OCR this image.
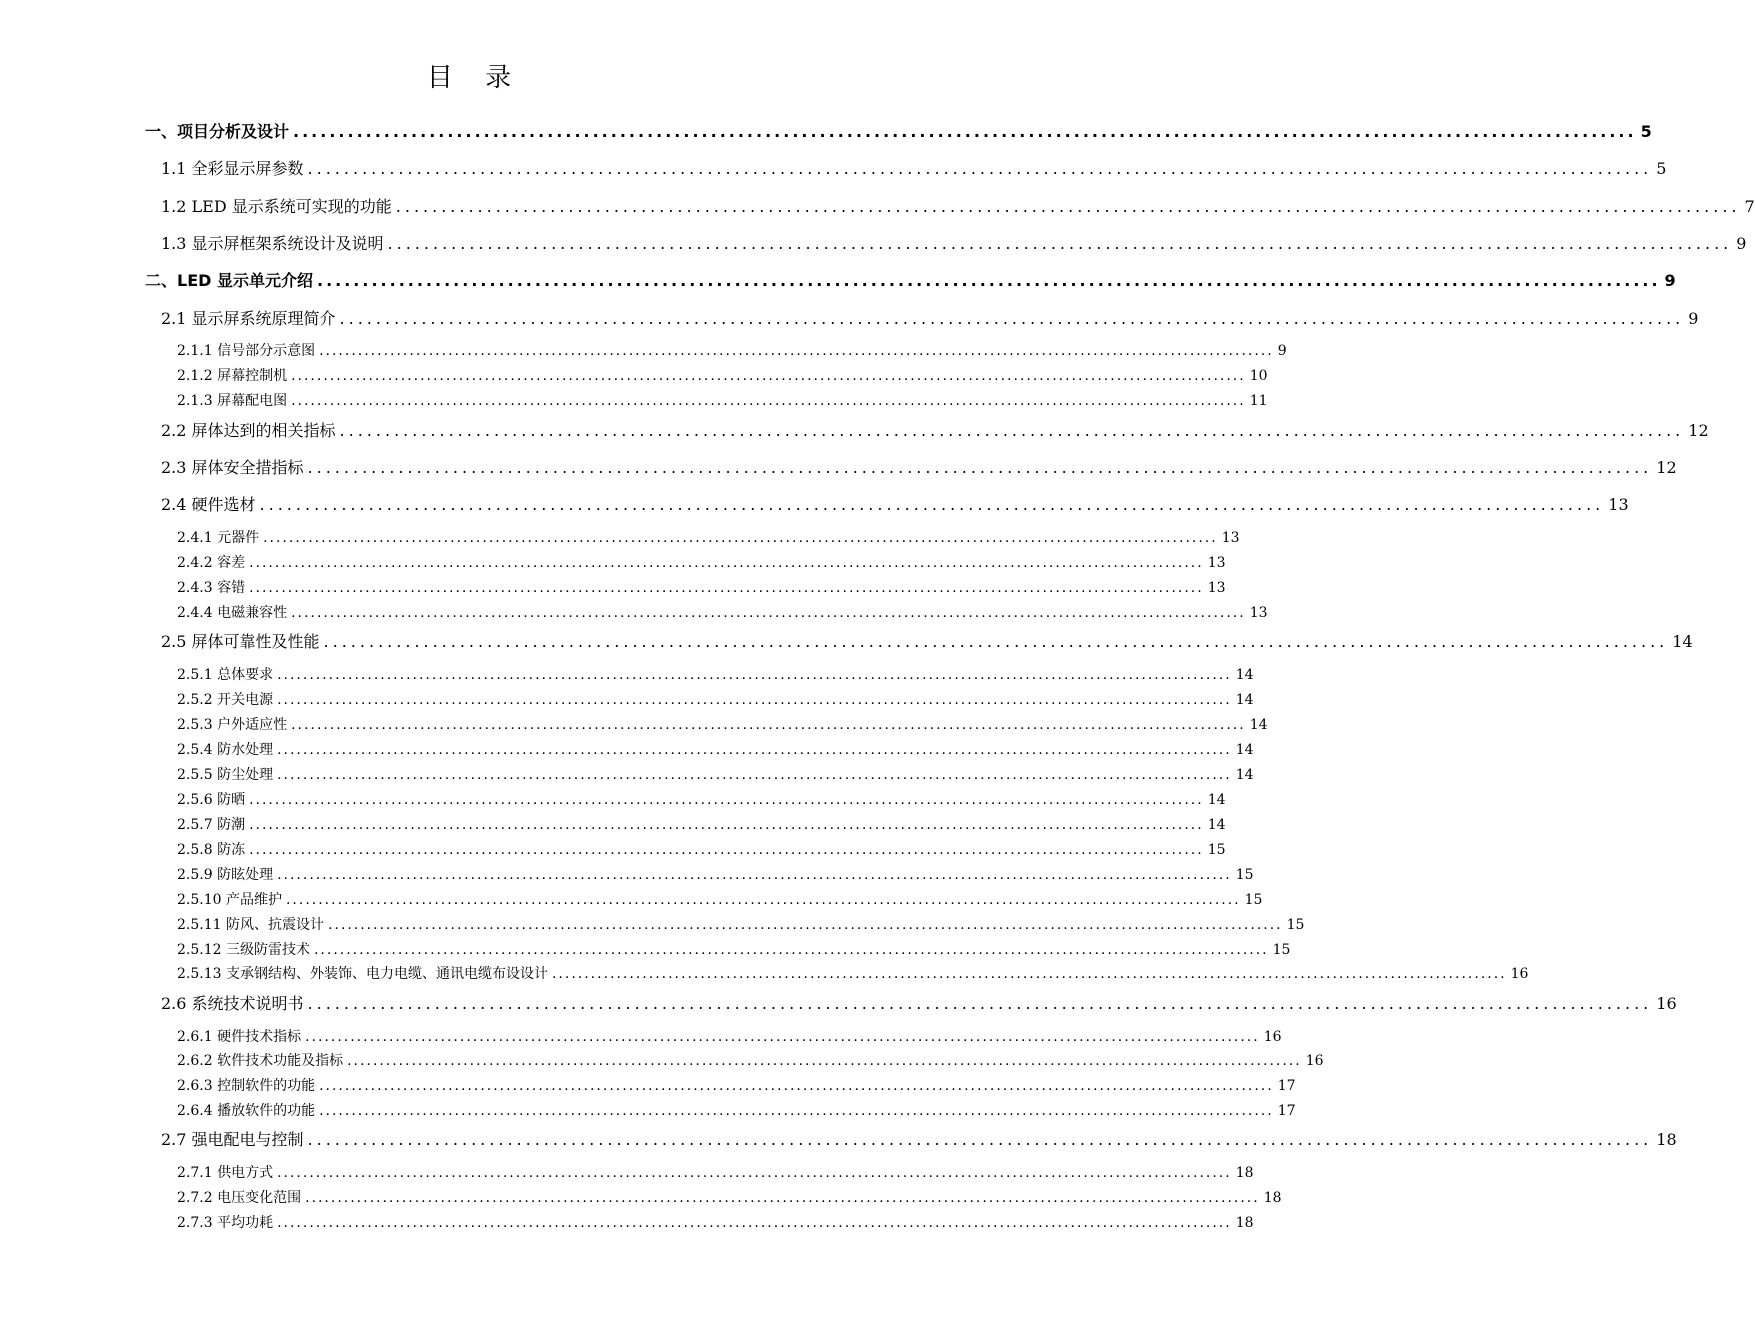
目 录
一、项目分析及设计 .................................................................................................................................................... 5
1.1 全彩显示屏参数 .................................................................................................................................................... 5
1.2 LED 显示系统可实现的功能 .................................................................................................................................................... 7
1.3 显示屏框架系统设计及说明 .................................................................................................................................................... 9
二、LED 显示单元介绍 .................................................................................................................................................... 9
2.1 显示屏系统原理简介 .................................................................................................................................................... 9
2.1.1 信号部分示意图 .................................................................................................................................................... 9
2.1.2 屏幕控制机 .................................................................................................................................................... 10
2.1.3 屏幕配电图 .................................................................................................................................................... 11
2.2 屏体达到的相关指标 .................................................................................................................................................... 12
2.3 屏体安全措指标 .................................................................................................................................................... 12
2.4 硬件选材 .................................................................................................................................................... 13
2.4.1 元器件 .................................................................................................................................................... 13
2.4.2 容差 .................................................................................................................................................... 13
2.4.3 容错 .................................................................................................................................................... 13
2.4.4 电磁兼容性 .................................................................................................................................................... 13
2.5 屏体可靠性及性能 .................................................................................................................................................... 14
2.5.1 总体要求 .................................................................................................................................................... 14
2.5.2 开关电源 .................................................................................................................................................... 14
2.5.3 户外适应性 .................................................................................................................................................... 14
2.5.4 防水处理 .................................................................................................................................................... 14
2.5.5 防尘处理 .................................................................................................................................................... 14
2.5.6 防晒 .................................................................................................................................................... 14
2.5.7 防潮 .................................................................................................................................................... 14
2.5.8 防冻 .................................................................................................................................................... 15
2.5.9 防眩处理 .................................................................................................................................................... 15
2.5.10 产品维护 .................................................................................................................................................... 15
2.5.11 防风、抗震设计 .................................................................................................................................................... 15
2.5.12 三级防雷技术 .................................................................................................................................................... 15
2.5.13 支承钢结构、外装饰、电力电缆、通讯电缆布设设计 .................................................................................................................................................... 16
2.6 系统技术说明书 .................................................................................................................................................... 16
2.6.1 硬件技术指标 .................................................................................................................................................... 16
2.6.2 软件技术功能及指标 .................................................................................................................................................... 16
2.6.3 控制软件的功能 .................................................................................................................................................... 17
2.6.4 播放软件的功能 .................................................................................................................................................... 17
2.7 强电配电与控制 .................................................................................................................................................... 18
2.7.1 供电方式 .................................................................................................................................................... 18
2.7.2 电压变化范围 .................................................................................................................................................... 18
2.7.3 平均功耗 .................................................................................................................................................... 18
